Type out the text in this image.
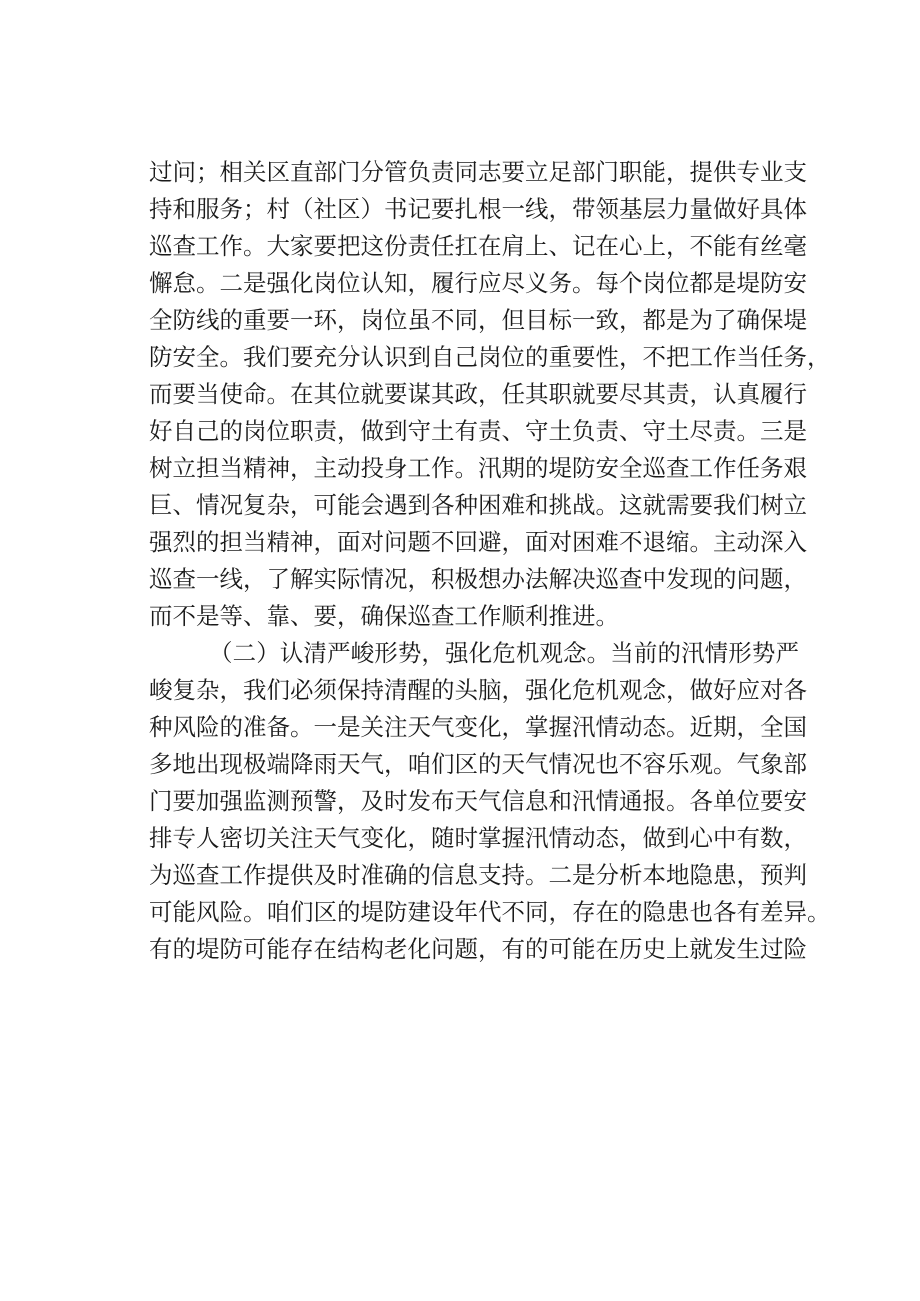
过问；相关区直部门分管负责同志要立足部门职能，提供专业支
持和服务；村（社区）书记要扎根一线，带领基层力量做好具体
巡查工作。大家要把这份责任扛在肩上、记在心上，不能有丝毫
懈怠。二是强化岗位认知，履行应尽义务。每个岗位都是堤防安
全防线的重要一环，岗位虽不同，但目标一致，都是为了确保堤
防安全。我们要充分认识到自己岗位的重要性，不把工作当任务，
而要当使命。在其位就要谋其政，任其职就要尽其责，认真履行
好自己的岗位职责，做到守土有责、守土负责、守土尽责。三是
树立担当精神，主动投身工作。汛期的堤防安全巡查工作任务艰
巨、情况复杂，可能会遇到各种困难和挑战。这就需要我们树立
强烈的担当精神，面对问题不回避，面对困难不退缩。主动深入
巡查一线，了解实际情况，积极想办法解决巡查中发现的问题，
而不是等、靠、要，确保巡查工作顺利推进。
（二）认清严峻形势，强化危机观念。当前的汛情形势严
峻复杂，我们必须保持清醒的头脑，强化危机观念，做好应对各
种风险的准备。一是关注天气变化，掌握汛情动态。近期，全国
多地出现极端降雨天气，咱们区的天气情况也不容乐观。气象部
门要加强监测预警，及时发布天气信息和汛情通报。各单位要安
排专人密切关注天气变化，随时掌握汛情动态，做到心中有数，
为巡查工作提供及时准确的信息支持。二是分析本地隐患，预判
可能风险。咱们区的堤防建设年代不同，存在的隐患也各有差异。
有的堤防可能存在结构老化问题，有的可能在历史上就发生过险
